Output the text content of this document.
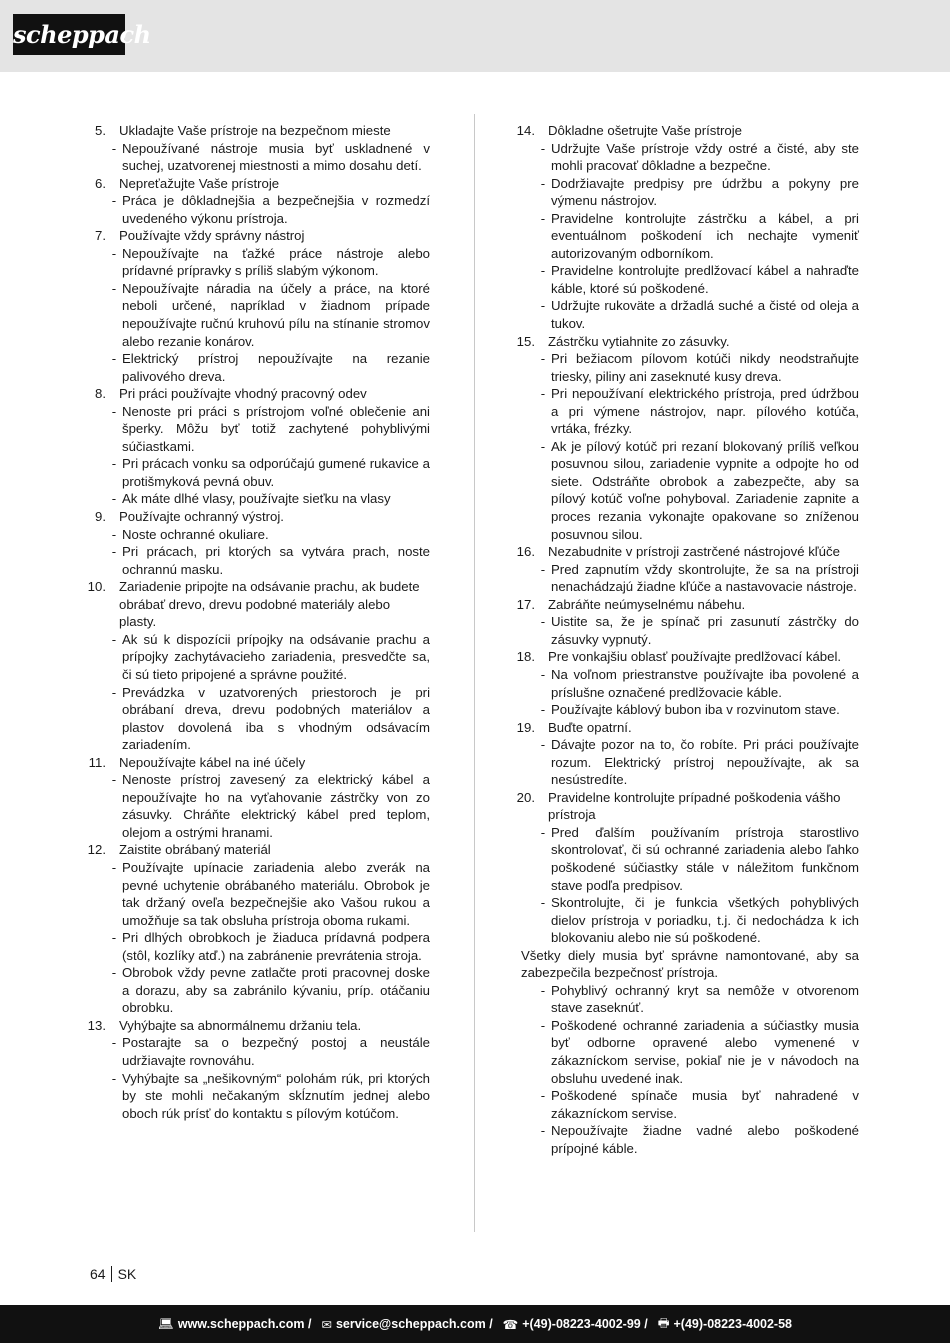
scheppach
5. Ukladajte Vaše prístroje na bezpečnom mieste
- Nepoužívané nástroje musia byť uskladnené v suchej, uzatvorenej miestnosti a mimo dosahu detí.
6. Nepreťažujte Vaše prístroje
- Práca je dôkladnejšia a bezpečnejšia v rozmedzí uvedeného výkonu prístroja.
7. Používajte vždy správny nástroj
- Nepoužívajte na ťažké práce nástroje alebo prídavné prípravky s príliš slabým výkonom.
- Nepoužívajte náradia na účely a práce, na ktoré neboli určené, napríklad v žiadnom prípade nepoužívajte ručnú kruhovú pílu na stínanie stromov alebo rezanie konárov.
- Elektrický prístroj nepoužívajte na rezanie palivového dreva.
8. Pri práci používajte vhodný pracovný odev
- Nenoste pri práci s prístrojom voľné oblečenie ani šperky. Môžu byť totiž zachytené pohyblivými súčiastkami.
- Pri prácach vonku sa odporúčajú gumené rukavice a protišmyková pevná obuv.
- Ak máte dlhé vlasy, používajte sieťku na vlasy
9. Používajte ochranný výstroj.
- Noste ochranné okuliare.
- Pri prácach, pri ktorých sa vytvára prach, noste ochrannú masku.
10. Zariadenie pripojte na odsávanie prachu, ak budete obrábať drevo, drevu podobné materiály alebo plasty.
- Ak sú k dispozícii prípojky na odsávanie prachu a prípojky zachytávacieho zariadenia, presvedčte sa, či sú tieto pripojené a správne použité.
- Prevádzka v uzatvorených priestoroch je pri obrábaní dreva, drevu podobných materiálov a plastov dovolená iba s vhodným odsávacím zariadením.
11. Nepoužívajte kábel na iné účely
- Nenoste prístroj zavesený za elektrický kábel a nepoužívajte ho na vyťahovanie zástrčky von zo zásuvky. Chráňte elektrický kábel pred teplom, olejom a ostrými hranami.
12. Zaistite obrábaný materiál
- Používajte upínacie zariadenia alebo zverák na pevné uchytenie obrábaného materiálu. Obrobok je tak držaný oveľa bezpečnejšie ako Vašou rukou a umožňuje sa tak obsluha prístroja oboma rukami.
- Pri dlhých obrobkoch je žiaduca prídavná podpera (stôl, kozlíky atď.) na zabránenie prevrátenia stroja.
- Obrobok vždy pevne zatlačte proti pracovnej doske a dorazu, aby sa zabránilo kývaniu, príp. otáčaniu obrobku.
13. Vyhýbajte sa abnormálnemu držaniu tela.
- Postarajte sa o bezpečný postoj a neustále udržiavajte rovnováhu.
- Vyhýbajte sa „nešikovným“ polohám rúk, pri ktorých by ste mohli nečakaným skĺznutím jednej alebo oboch rúk prísť do kontaktu s pílovým kotúčom.
14. Dôkladne ošetrujte Vaše prístroje
- Udržujte Vaše prístroje vždy ostré a čisté, aby ste mohli pracovať dôkladne a bezpečne.
- Dodržiavajte predpisy pre údržbu a pokyny pre výmenu nástrojov.
- Pravidelne kontrolujte zástrčku a kábel, a pri eventuálnom poškodení ich nechajte vymeniť autorizovaným odborníkom.
- Pravidelne kontrolujte predlžovací kábel a nahraďte káble, ktoré sú poškodené.
- Udržujte rukoväte a držadlá suché a čisté od oleja a tukov.
15. Zástrčku vytiahnite zo zásuvky.
- Pri bežiacom pílovom kotúči nikdy neodstraňujte triesky, piliny ani zaseknuté kusy dreva.
- Pri nepoužívaní elektrického prístroja, pred údržbou a pri výmene nástrojov, napr. pílového kotúča, vrtáka, frézky.
- Ak je pílový kotúč pri rezaní blokovaný príliš veľkou posuvnou silou, zariadenie vypnite a odpojte ho od siete. Odstráňte obrobok a zabezpečte, aby sa pílový kotúč voľne pohyboval. Zariadenie zapnite a proces rezania vykonajte opakovane so zníženou posuvnou silou.
16. Nezabudnite v prístroji zastrčené nástrojové kľúče
- Pred zapnutím vždy skontrolujte, že sa na prístroji nenachádzajú žiadne kľúče a nastavovacie nástroje.
17. Zabráňte neúmyselnému nábehu.
- Uistite sa, že je spínač pri zasunutí zástrčky do zásuvky vypnutý.
18. Pre vonkajšiu oblasť používajte predlžovací kábel.
- Na voľnom priestranstve používajte iba povolené a príslušne označené predlžovacie káble.
- Používajte káblový bubon iba v rozvinutom stave.
19. Buďte opatrní.
- Dávajte pozor na to, čo robíte. Pri práci používajte rozum. Elektrický prístroj nepoužívajte, ak sa nesústredíte.
20. Pravidelne kontrolujte prípadné poškodenia vášho prístroja
- Pred ďalším používaním prístroja starostlivo skontrolovať, či sú ochranné zariadenia alebo ľahko poškodené súčiastky stále v náležitom funkčnom stave podľa predpisov.
- Skontrolujte, či je funkcia všetkých pohyblivých dielov prístroja v poriadku, t.j. či nedochádza k ich blokovaniu alebo nie sú poškodené.
Všetky diely musia byť správne namontované, aby sa zabezpečila bezpečnosť prístroja.
- Pohyblivý ochranný kryt sa nemôže v otvorenom stave zaseknúť.
- Poškodené ochranné zariadenia a súčiastky musia byť odborne opravené alebo vymenené v zákazníckom servise, pokiaľ nie je v návodoch na obsluhu uvedené inak.
- Poškodené spínače musia byť nahradené v zákazníckom servise.
- Nepoužívajte žiadne vadné alebo poškodené prípojné káble.
64 SK
💻︎ www.scheppach.com / ✉︎ service@scheppach.com / ☎︎ +(49)-08223-4002-99 / 🖶︎ +(49)-08223-4002-58
